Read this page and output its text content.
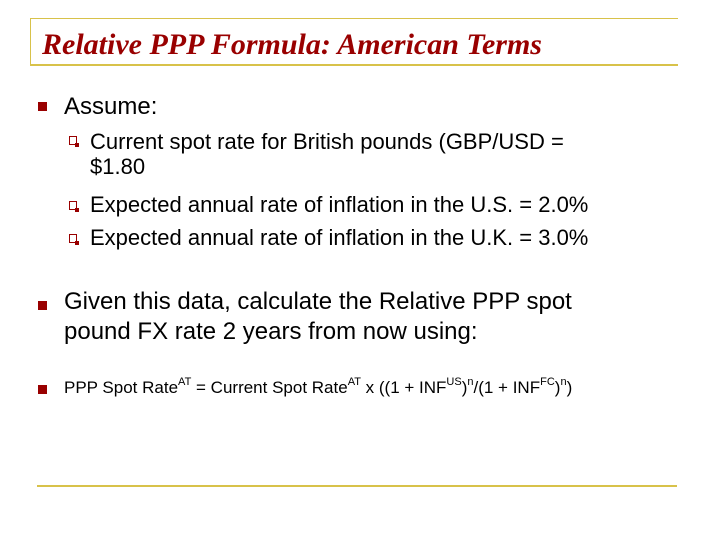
Relative PPP Formula: American Terms
Assume:
Current spot rate for British pounds (GBP/USD =
$1.80
Expected annual rate of inflation in the U.S. = 2.0%
Expected annual rate of inflation in the U.K. = 3.0%
Given this data, calculate the Relative PPP spot
pound FX rate 2 years from now using:
PPP Spot Rate$^{AT}$ = Current Spot Rate$^{AT}$ x $((1 + INF^{US})^n/(1 + INF^{FC})^n)$
